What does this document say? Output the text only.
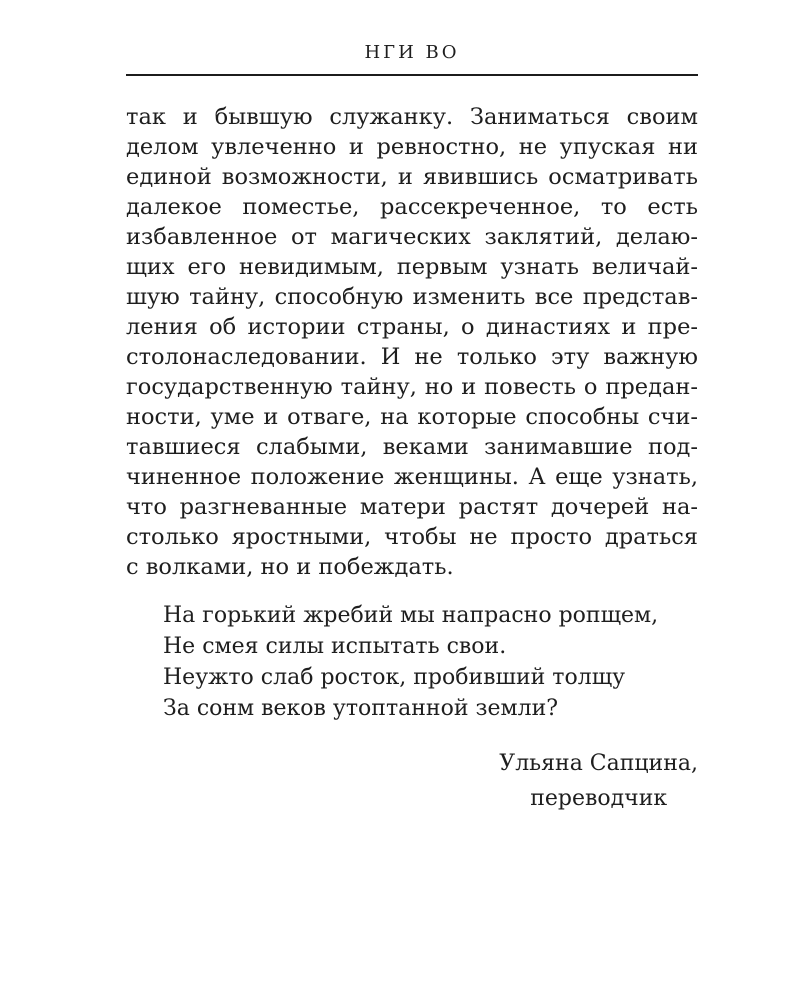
НГИ ВО
так и бывшую служанку. Заниматься своим
делом увлеченно и ревностно, не упуская ни
единой возможности, и явившись осматривать
далекое поместье, рассекреченное, то есть
избавленное от магических заклятий, делаю-
щих его невидимым, первым узнать величай-
шую тайну, способную изменить все представ-
ления об истории страны, о династиях и пре-
столонаследовании. И не только эту важную
государственную тайну, но и повесть о предан-
ности, уме и отваге, на которые способны счи-
тавшиеся слабыми, веками занимавшие под-
чиненное положение женщины. А еще узнать,
что разгневанные матери растят дочерей на-
столько яростными, чтобы не просто драться
с волками, но и побеждать.
На горький жребий мы напрасно ропщем,
Не смея силы испытать свои.
Неужто слаб росток, пробивший толщу
За сонм веков утоптанной земли?
Ульяна Сапцина,
переводчик
